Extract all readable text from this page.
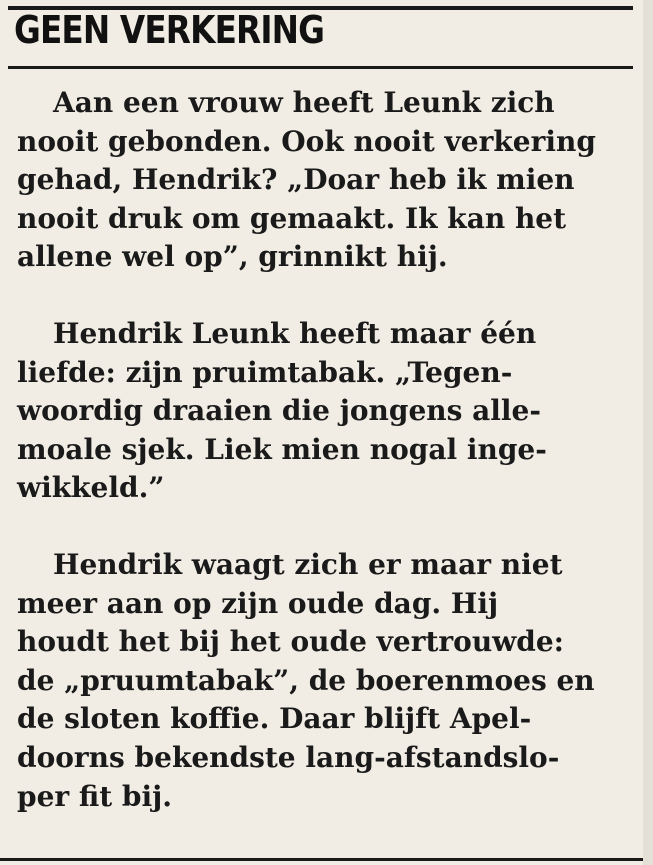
GEEN VERKERING

Aan een vrouw heeft Leunk zich
nooit gebonden. Ook nooit verkering
gehad, Hendrik? „Doar heb ik mien
nooit druk om gemaakt. Ik kan het
allene wel op”, grinnikt hij.

Hendrik Leunk heeft maar één
liefde: zijn pruimtabak. „Tegen-
woordig draaien die jongens alle-
moale sjek. Liek mien nogal inge-
wikkeld.”

Hendrik waagt zich er maar niet
meer aan op zijn oude dag. Hij
houdt het bij het oude vertrouwde:
de „pruumtabak”, de boerenmoes en
de sloten koffie. Daar blijft Apel-
doorns bekendste lang-afstandslo-
per fit bij.
